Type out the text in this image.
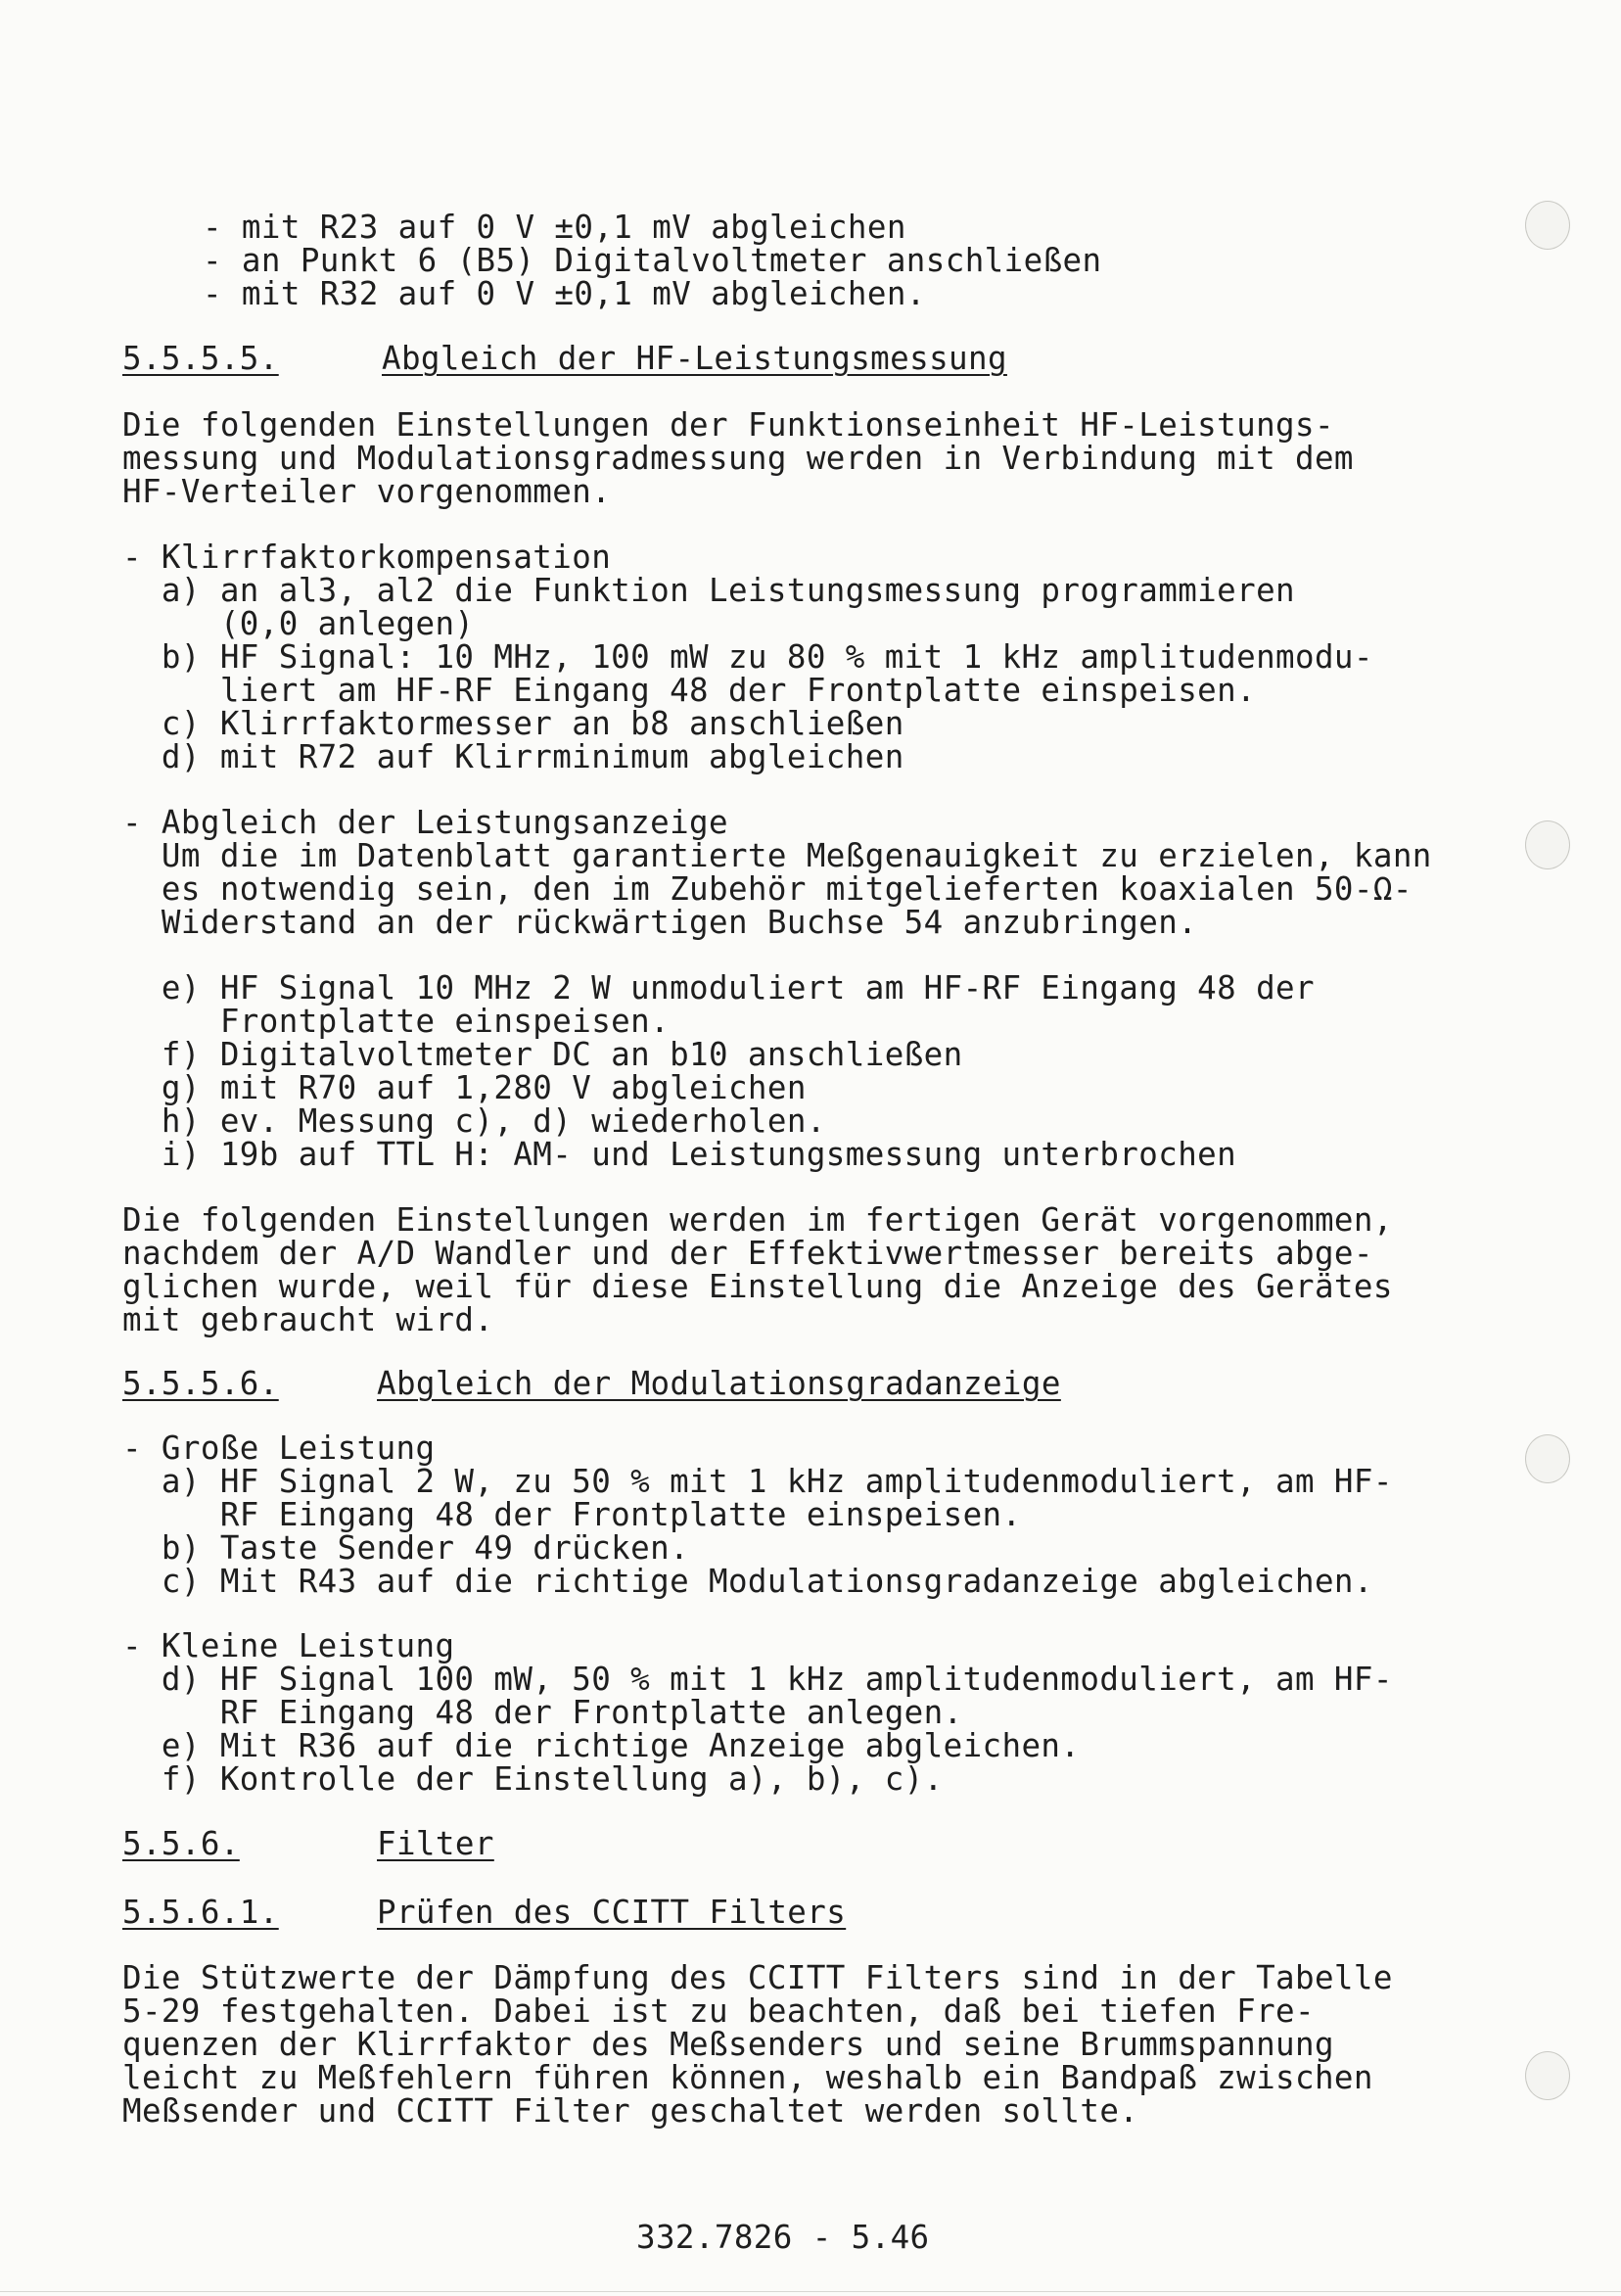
- mit R23 auf 0 V ±0,1 mV abgleichen
- an Punkt 6 (B5) Digitalvoltmeter anschließen
- mit R32 auf 0 V ±0,1 mV abgleichen.
5.5.5.5.	Abgleich der HF-Leistungsmessung
Die folgenden Einstellungen der Funktionseinheit HF-Leistungs-
messung und Modulationsgradmessung werden in Verbindung mit dem
HF-Verteiler vorgenommen.
- Klirrfaktorkompensation
a) an al3, al2 die Funktion Leistungsmessung programmieren
(0,0 anlegen)
b) HF Signal: 10 MHz, 100 mW zu 80 % mit 1 kHz amplitudenmodu-
liert am HF-RF Eingang 48 der Frontplatte einspeisen.
c) Klirrfaktormesser an b8 anschließen
d) mit R72 auf Klirrminimum abgleichen
- Abgleich der Leistungsanzeige
Um die im Datenblatt garantierte Meßgenauigkeit zu erzielen, kann
es notwendig sein, den im Zubehör mitgelieferten koaxialen 50-Ω-
Widerstand an der rückwärtigen Buchse 54 anzubringen.
e) HF Signal 10 MHz 2 W unmoduliert am HF-RF Eingang 48 der
Frontplatte einspeisen.
f) Digitalvoltmeter DC an b10 anschließen
g) mit R70 auf 1,280 V abgleichen
h) ev. Messung c), d) wiederholen.
i) 19b auf TTL H: AM- und Leistungsmessung unterbrochen
Die folgenden Einstellungen werden im fertigen Gerät vorgenommen,
nachdem der A/D Wandler und der Effektivwertmesser bereits abge-
glichen wurde, weil für diese Einstellung die Anzeige des Gerätes
mit gebraucht wird.
5.5.5.6.	Abgleich der Modulationsgradanzeige
- Große Leistung
a) HF Signal 2 W, zu 50 % mit 1 kHz amplitudenmoduliert, am HF-
RF Eingang 48 der Frontplatte einspeisen.
b) Taste Sender 49 drücken.
c) Mit R43 auf die richtige Modulationsgradanzeige abgleichen.
- Kleine Leistung
d) HF Signal 100 mW, 50 % mit 1 kHz amplitudenmoduliert, am HF-
RF Eingang 48 der Frontplatte anlegen.
e) Mit R36 auf die richtige Anzeige abgleichen.
f) Kontrolle der Einstellung a), b), c).
5.5.6.	Filter
5.5.6.1.	Prüfen des CCITT Filters
Die Stützwerte der Dämpfung des CCITT Filters sind in der Tabelle
5-29 festgehalten. Dabei ist zu beachten, daß bei tiefen Fre-
quenzen der Klirrfaktor des Meßsenders und seine Brummspannung
leicht zu Meßfehlern führen können, weshalb ein Bandpaß zwischen
Meßsender und CCITT Filter geschaltet werden sollte.
332.7826 - 5.46
